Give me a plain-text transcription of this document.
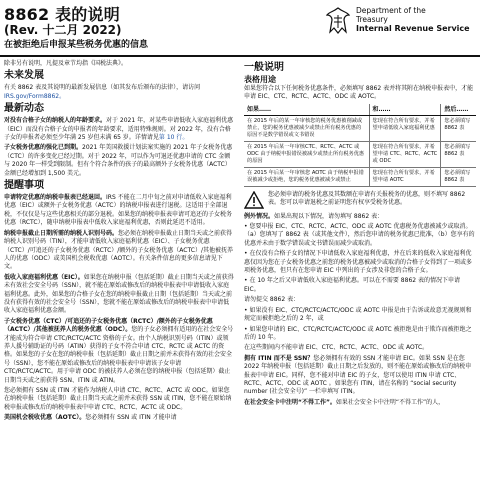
8862 表的说明
(Rev. 十二月 2022)
在被拒绝后申报某些税务优惠的信息
Department of the
Treasury
Internal Revenue Service

除非另有说明，凡提及章节均指《国税法典》。

未来发展

有关 8862 表及其说明的最新发展信息（如其发布后颁布的法律），请访问 IRS.gov/Form8862。

最新动态

对没有合格子女的纳税人的年龄要求。对于 2021 年，对某些申请低收入家庭福利优惠（EIC）而没有合格子女的申报者的年龄要求，适用特殊规则。对 2022 年，没有合格子女的申报者必须至少年满 25 岁但未满 65 岁。详情请见第 10 行。

子女税务优惠的强化已到期。2021 年美国救援计划法案实施的 2021 年子女税务优惠（CTC）的许多变化已经过期。对于 2022 年，可以作为可退还优惠申请的 CTC 金额与 2020 年一样受到限制。但有个符合条件的孩子的最高额外子女税务优惠（ACTC）金额已经增加到 1,500 美元。

提醒事项

申请特定优惠的纳税申报表已经退回。IRS 不能在二月中旬之前对申请低收入家庭福利优惠（EIC）或额外子女税务优惠（ACTC）的纳税申报表进行退税。这适用于全部退税，不仅仅是与这些优惠相关的部分退税。如果您的纳税申报表申请可追还的子女税务优惠（RCTC），随申纳税申报表中低收入家庭福利优惠，否则此延迟不适用。

纳税申报截止日期所需的纳税人识别号码。您必须在纳税申报截止日期当天或之前获得纳税人识别号码（TIN），才能申请低收入家庭福利优惠（EIC）、子女税务优惠（CTC）/可追还的子女税务优惠（RCTC）/额外的子女税务优惠（ACTC）/其他被抚养人的优惠（ODC）或美国机会税收优惠（AOTC）。有关条件信息的更多信息请见下文。

低收入家庭福利优惠（EIC）。如果您在纳税申报（包括延期）截止日期当天或之前获得未有效社会安全号码（SSN），就不能在原始或修改后的纳税申报表中申请低收入家庭福利优惠。此外，如果您的合格子女在您的纳税申报截止日期（包括延期）当天或之前没有获得有效的社会安全号（SSN），您就不能在原始或修改后的纳税申报表中申请低收入家庭福利优惠金额。

子女税务优惠（CTC）/可追还的子女税务优惠（RCTC）/额外的子女税务优惠（ACTC）/其他被抚养人的税务优惠（ODC）。您的子女必须拥有适用的在社会安全号才能成为符合申请 CTC/RCTC/ACTC 资格的子女。由个人纳税识别号码（ITIN）或领养人援号辅助证的号码（ATIN）获得的子女不符合申请 CTC、RCTC 或 ACTC 的资格。如果您的子女在您的纳税申报（包括延期）截止日期之前并未获得有效的社会安全号（SSN），您不能在原始或修改后的纳税申报表中申请该子女申请 CTC/RCTC/ACTC。用于申请 ODC 的被扶养人必须在您的纳税申报（包括延期）截止日期当天或之前获得 SSN、ITIN 或 ATIN。

您必须拥有 SSN 或 ITIN 才能作为纳税人申请 CTC、RCTC、ACTC 或 ODC。如果您在纳税申报（包括延期）截止日期当天或之前并未获得 SSN 或 ITIN，您不能在原始纳税申报或修改后的纳税申报表中申请 CTC、RCTC、ACTC 或 ODC。

美国机会税收优惠（AOTC）。您必须拥有 SSN 或 ITIN 才能申请

一般说明
表格用途

如果您符合以下任何税务优惠条件，必须填写 8862 表并将其附在纳税申报表中，才能申请 EIC、CTC、RCTC、ACTC、ODC 或 AOTC。

如果……	和……	然后……
在 2015 年后的某一年审核您的税务优惠被削减或禁止，您的税务优惠被减少或禁止所有税务优惠的原因不是数学错误或文书错误	您现在符合所有要求，并希望申请低收入家庭福利优惠	您必须填写 8862 表
在 2015 年后某一年审核CTC、RCTC、ACTC 或 ODC 由于纳税申报错误被减少或禁止所有税务优惠的原因	您现在符合所有要求，并希望申请 CTC、RCTC、ACTC 或 ODC	您必须填写 8862 表
在 2015 年后某一年审核您 AOTC 由于纳税申报错误被减少或拒绝，您的税务优惠被减少或禁止	您现在符合所有要求，并希望申请 AOTC	您必须填写 8862 表

您必须申请的税务优惠及其数额在申请有关报税务的优惠，则不填写 8862 表。您可以申请退税之前证明您有权享受税务优惠。

例外情况。如果出现以下情况，请勿填写 8862 表：

• 您要申报 EIC、CTC、RCTC、ACTC、ODC 或 AOTC 优惠税务优惠被减少或取消。（a）您填写了 8862 表（或其他文件），然后您申请的税务优惠已批准，（b）您享有的优惠并未由于数学错误或文书错误而减少或取消。

• 在仅没有合格子女的情况下申请低收入家庭福利优惠，并在后来的低收入家庭福利优惠仅因为您在子女税务优惠之前您的税务优惠被减少或取消的合格子女得到了一项或多项税务优惠，但只有在您申请 EIC 中列出的子女涉及非您的合格子女。

• 在 10 年之后又申请低收入家庭福利优惠。可以在不需要 8862 表的情况下申请 EIC。

请勿提交 8862 表：

• 如果没有 EIC、CTC/RCTC/ACTC/ODC 或 AOTC 申报是由于告诉或故意无视规则和规定而被拒绝之后的 2 年，或

• 如果您申请的 EIC、CTC/RCTC/ACTC/ODC 或 AOTC 被拒绝是由于欺诈而被拒绝之后的 10 年。

在这些期间内不能申请 EIC、CTC、RCTC、ACTC、ODC 或 AOTC。

拥有 ITIN 而不是 SSN？您必须拥有有效的 SSN 才能申请 EIC。如果 SSN 是在您 2022 年纳税申报（包括延期）截止日期之后发放的，则不能在原始或修改后的纳税申报表中申请 EIC。同样，您不能对申请 EIC 的子女，您可以使用 ITIN 申请 CTC、RCTC、ACTC、ODC 或 AOTC 。如果您有 ITIN，请在名称的 “social security number (社会安全号)” 一栏申填写 ITIN。

在社会安全卡中注明“不得工作”。如果社会安全卡中注明“不得工作”的人，
